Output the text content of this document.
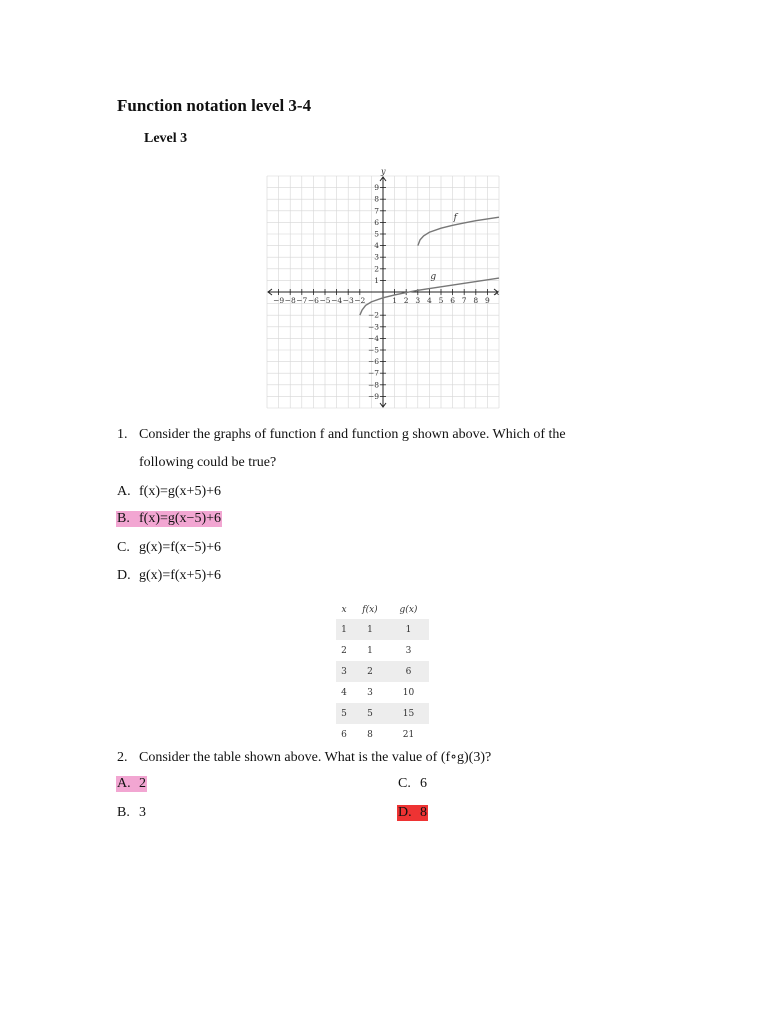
Function notation level 3-4
Level 3
−9 −8 −7 −6 −5 −4 −3 −2	1 2 3 4 5 6 7 8 9
9
8
7
6
5
4
3
2
1
−2
−3
−4
−5
−6
−7
−8
−9
x
y
f
g
1. Consider the graphs of function f and function g shown above. Which of the
following could be true?
A. f(x)=g(x+5)+6
B. f(x)=g(x−5)+6
C. g(x)=f(x−5)+6
D. g(x)=f(x+5)+6
x	f(x)	g(x)
1	1	1
2	1	3
3	2	6
4	3	10
5	5	15
6	8	21
2. Consider the table shown above. What is the value of (f∘g)(3)?
A. 2
B. 3
C. 6
D. 8
